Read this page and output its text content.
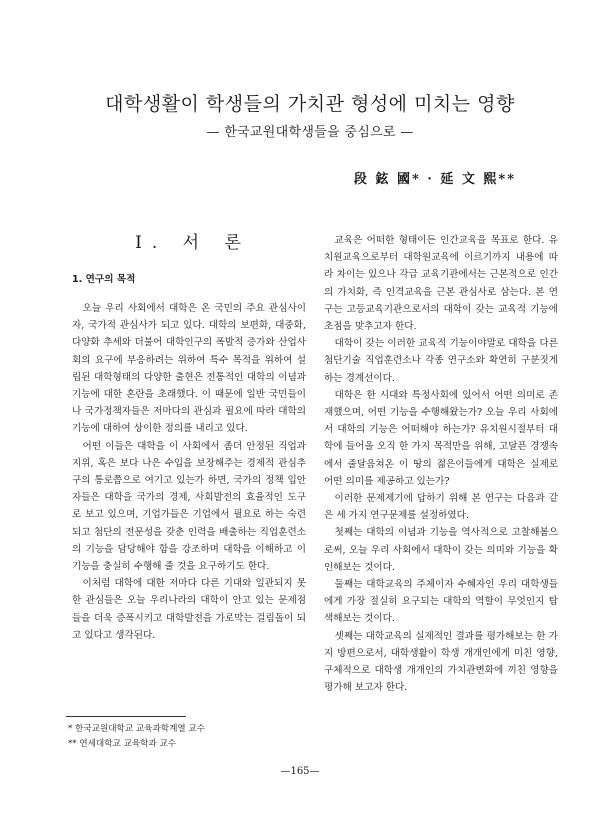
대학생활이 학생들의 가치관 형성에 미치는 영향
— 한국교원대학생들을 중심으로 —
段 鉉 國* · 延 文 熙**
I. 서 론
1. 연구의 목적

오늘 우리 사회에서 대학은 온 국민의 주요 관심사이자, 국가적 관심사가 되고 있다. 대학의 보편화, 대중화, 다양화 추세와 더불어 대학인구의 폭발적 증가와 산업사회의 요구에 부응하려는 위하여 특수 목적을 위하여 설립된 대학형태의 다양한 출현은 전통적인 대학의 이념과 기능에 대한 혼란을 초래했다. 이 때문에 일반 국민들이나 국가정책자들은 저마다의 관심과 필요에 따라 대학의 기능에 대하여 상이한 정의를 내리고 있다.

어떤 이들은 대학을 이 사회에서 좀더 안정된 직업과 지위, 혹은 보다 나은 수입을 보장해주는 경제적 관심추구의 통로쯤으로 여기고 있는가 하면, 국가의 정책 입안자들은 대학을 국가의 경제, 사회발전의 효율적인 도구로 보고 있으며, 기업가들은 기업에서 필요로 하는 숙련되고 첨단의 전문성을 갖춘 인력을 배출하는 직업훈련소의 기능을 담당해야 함을 강조하며 대학을 이해하고 이 기능을 충실히 수행해 줄 것을 요구하기도 한다.

이처럼 대학에 대한 저마다 다른 기대와 일관되지 못한 관심들은 오늘 우리나라의 대학이 안고 있는 문제점들을 더욱 증폭시키고 대학발전을 가로막는 걸림돌이 되고 있다고 생각된다.

교육은 어떠한 형태이든 인간교육을 목표로 한다. 유치원교육으로부터 대학원교육에 이르기까지 내용에 따라 차이는 있으나 각급 교육기관에서는 근본적으로 인간의 가치화, 즉 인격교육을 근본 관심사로 삼는다. 본 연구는 고등교육기관으로서의 대학이 갖는 교육적 기능에 초점을 맞추고자 한다.

대학이 갖는 이러한 교육적 기능이야말로 대학을 다른 첨단기술 직업훈련소나 각종 연구소와 확연히 구분짓게 하는 경계선이다.

대학은 한 시대와 특정사회에 있어서 어떤 의미로 존재했으며, 어떤 기능을 수행해왔는가? 오늘 우리 사회에서 대학의 기능은 어떠해야 하는가? 유치원시절부터 대학에 들어올 오직 한 가지 목적만을 위해, 고달픈 경쟁속에서 줄달음쳐온 이 땅의 젊은이들에게 대학은 실제로 어떤 의미를 제공하고 있는가?

이러한 문제제기에 답하기 위해 본 연구는 다음과 같은 세 가지 연구문제를 설정하였다.

첫째는 대학의 이념과 기능을 역사적으로 고찰해봄으로써, 오늘 우리 사회에서 대학이 갖는 의미와 기능을 확인해보는 것이다.

둘째는 대학교육의 주체이자 수혜자인 우리 대학생들에게 가장 절실히 요구되는 대학의 역할이 무엇인지 탐색해보는 것이다.

셋째는 대학교육의 실제적인 결과를 평가해보는 한 가지 방편으로서, 대학생활이 학생 개개인에게 미친 영향, 구체적으로 대학생 개개인의 가치관변화에 끼친 영향을 평가해 보고자 한다.

* 한국교원대학교 교육과학계열 교수
** 연세대학교 교육학과 교수
—165—
